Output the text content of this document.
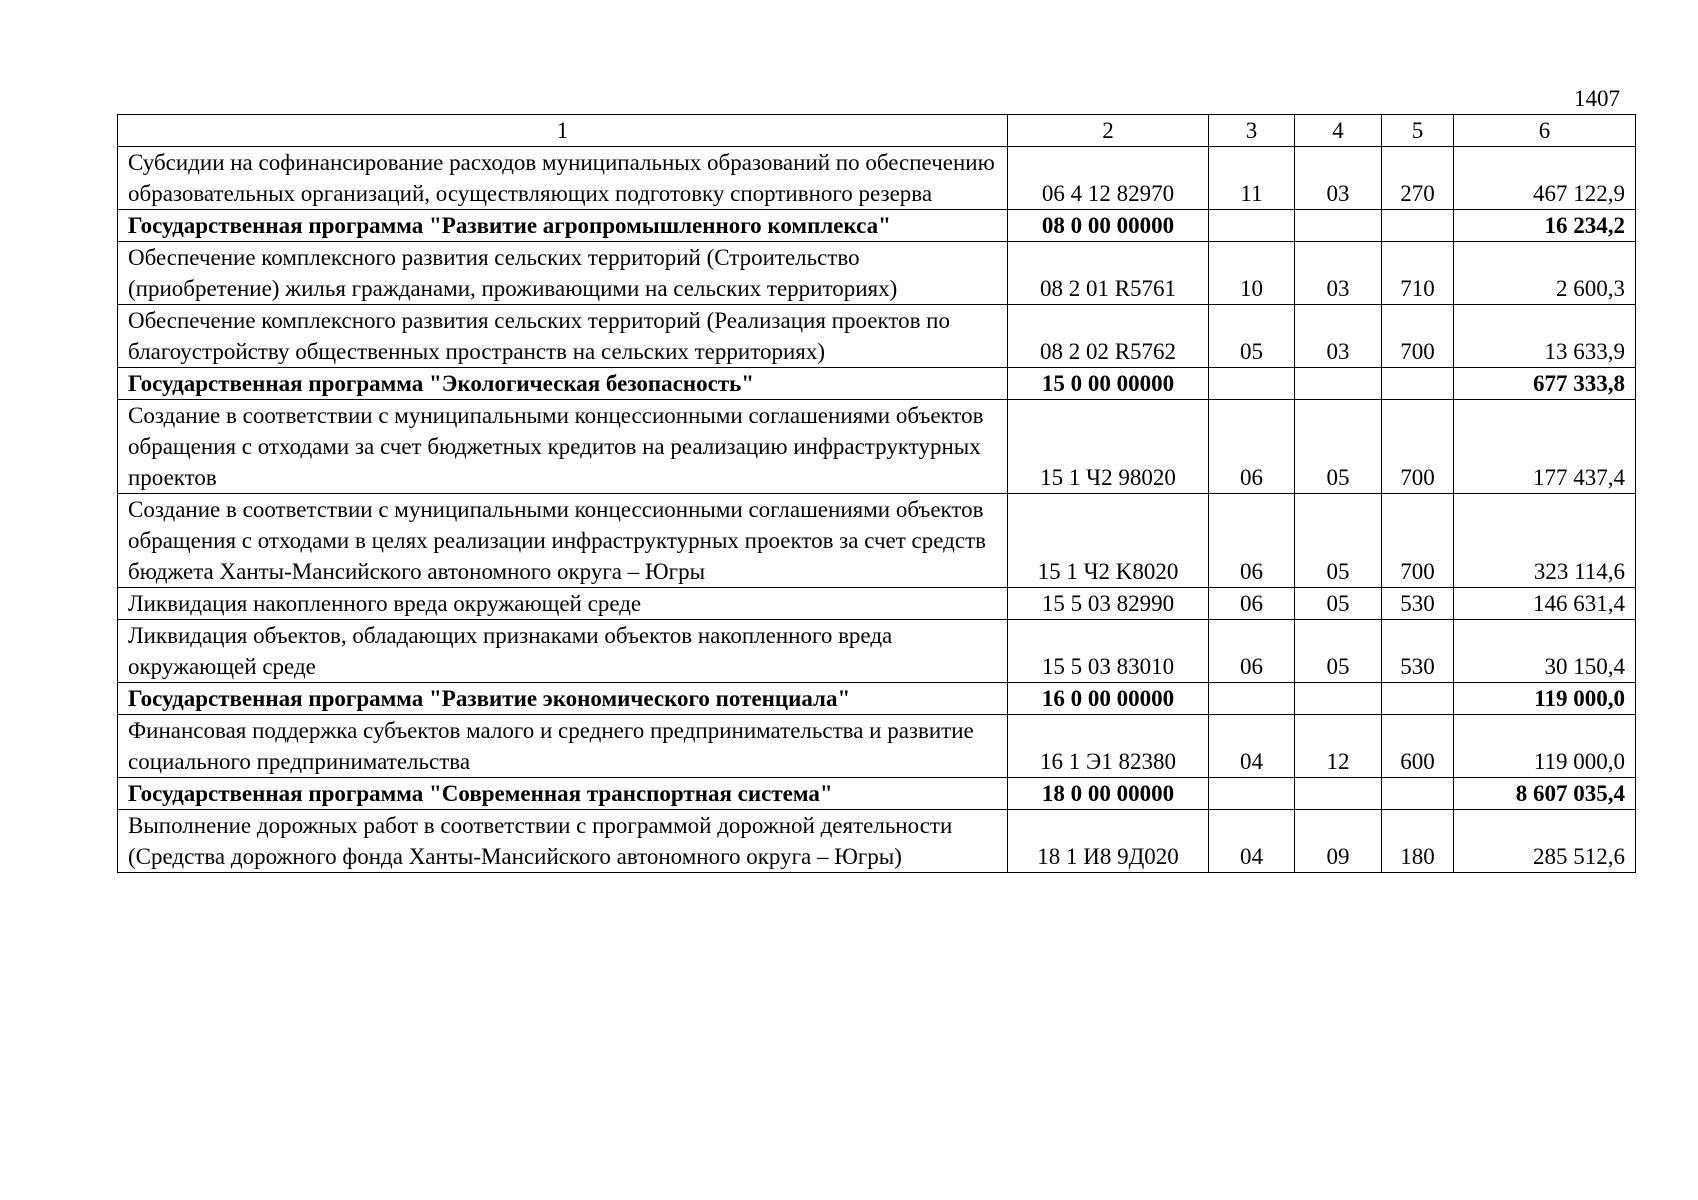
1407
1	2	3	4	5	6
Субсидии на софинансирование расходов муниципальных образований по обеспечению образовательных организаций, осуществляющих подготовку спортивного резерва	06 4 12 82970	11	03	270	467 122,9
Государственная программа "Развитие агропромышленного комплекса"	08 0 00 00000				16 234,2
Обеспечение комплексного развития сельских территорий (Строительство (приобретение) жилья гражданами, проживающими на сельских территориях)	08 2 01 R5761	10	03	710	2 600,3
Обеспечение комплексного развития сельских территорий (Реализация проектов по благоустройству общественных пространств на сельских территориях)	08 2 02 R5762	05	03	700	13 633,9
Государственная программа "Экологическая безопасность"	15 0 00 00000				677 333,8
Создание в соответствии с муниципальными концессионными соглашениями объектов обращения с отходами за счет бюджетных кредитов на реализацию инфраструктурных проектов	15 1 Ч2 98020	06	05	700	177 437,4
Создание в соответствии с муниципальными концессионными соглашениями объектов обращения с отходами в целях реализации инфраструктурных проектов за счет средств бюджета Ханты-Мансийского автономного округа – Югры	15 1 Ч2 K8020	06	05	700	323 114,6
Ликвидация накопленного вреда окружающей среде	15 5 03 82990	06	05	530	146 631,4
Ликвидация объектов, обладающих признаками объектов накопленного вреда окружающей среде	15 5 03 83010	06	05	530	30 150,4
Государственная программа "Развитие экономического потенциала"	16 0 00 00000				119 000,0
Финансовая поддержка субъектов малого и среднего предпринимательства и развитие социального предпринимательства	16 1 Э1 82380	04	12	600	119 000,0
Государственная программа "Современная транспортная система"	18 0 00 00000				8 607 035,4
Выполнение дорожных работ в соответствии с программой дорожной деятельности (Средства дорожного фонда Ханты-Мансийского автономного округа – Югры)	18 1 И8 9Д020	04	09	180	285 512,6
